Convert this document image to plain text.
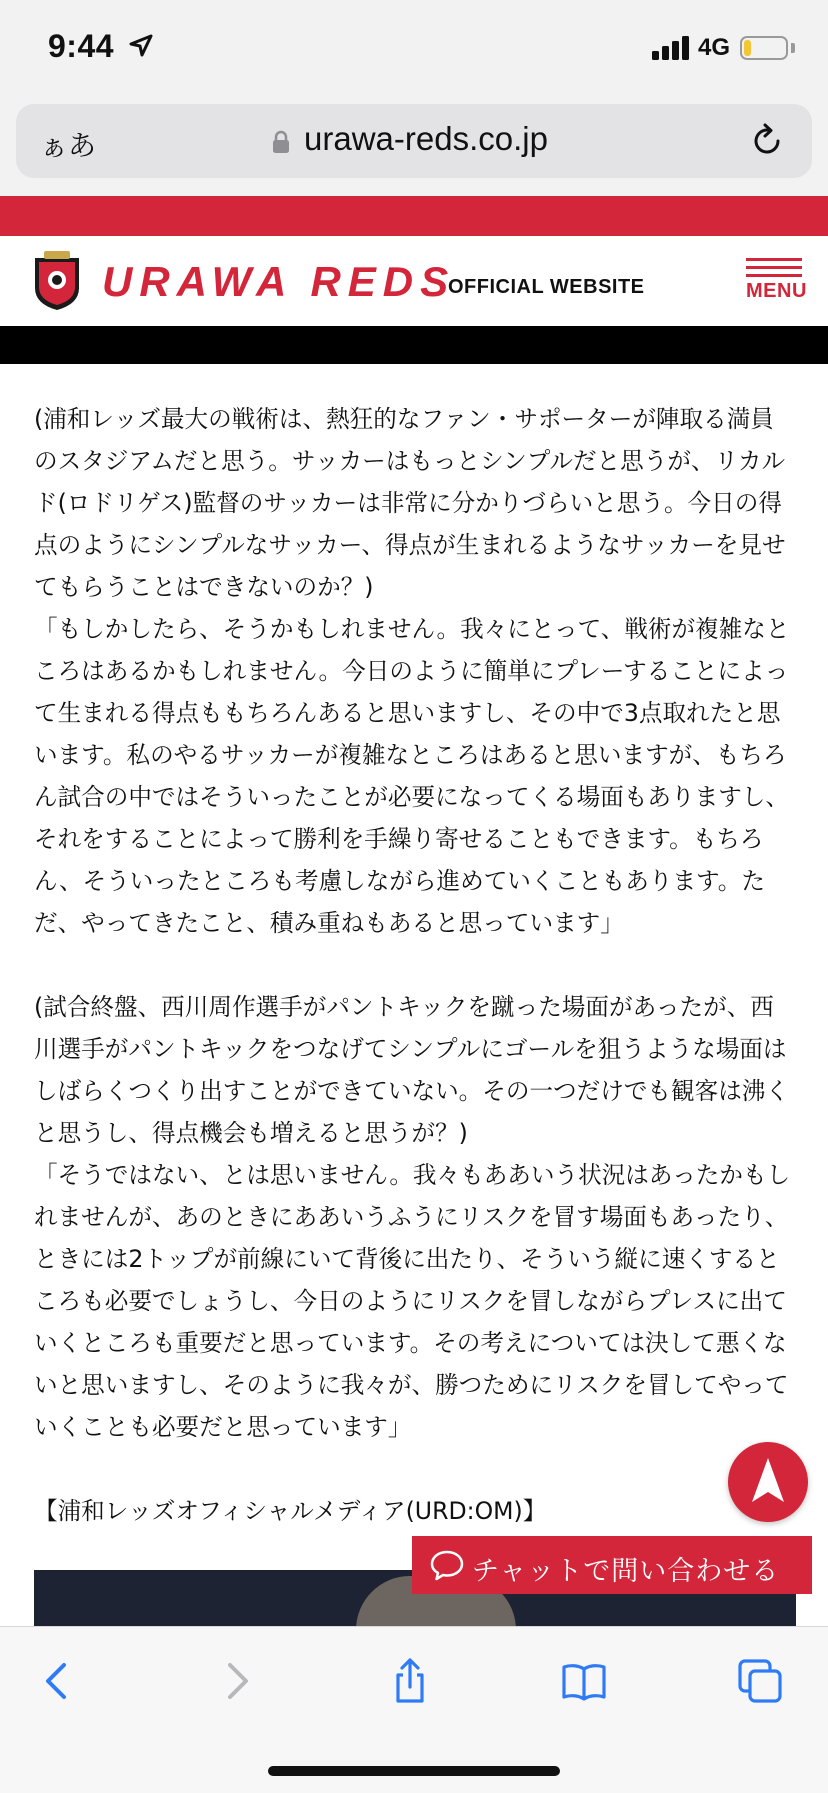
9:44	4G
ぁあ	urawa-reds.co.jp
URAWA REDS
OFFICIAL WEBSITE	MENU

(浦和レッズ最大の戦術は、熱狂的なファン・サポーターが陣取る満員のスタジアムだと思う。サッカーはもっとシンプルだと思うが、リカルド(ロドリゲス)監督のサッカーは非常に分かりづらいと思う。今日の得点のようにシンプルなサッカー、得点が生まれるようなサッカーを見せてもらうことはできないのか？)

「もしかしたら、そうかもしれません。我々にとって、戦術が複雑なところはあるかもしれません。今日のように簡単にプレーすることによって生まれる得点ももちろんあると思いますし、その中で3点取れたと思います。私のやるサッカーが複雑なところはあると思いますが、もちろん試合の中ではそういったことが必要になってくる場面もありますし、それをすることによって勝利を手繰り寄せることもできます。もちろん、そういったところも考慮しながら進めていくこともあります。ただ、やってきたこと、積み重ねもあると思っています」

(試合終盤、西川周作選手がパントキックを蹴った場面があったが、西川選手がパントキックをつなげてシンプルにゴールを狙うような場面はしばらくつくり出すことができていない。その一つだけでも観客は沸くと思うし、得点機会も増えると思うが？)

「そうではない、とは思いません。我々もああいう状況はあったかもしれませんが、あのときにああいうふうにリスクを冒す場面もあったり、ときには2トップが前線にいて背後に出たり、そういう縦に速くするところも必要でしょうし、今日のようにリスクを冒しながらプレスに出ていくところも重要だと思っています。その考えについては決して悪くないと思いますし、そのように我々が、勝つためにリスクを冒してやっていくことも必要だと思っています」

【浦和レッズオフィシャルメディア(URD:OM)】

チャットで問い合わせる
